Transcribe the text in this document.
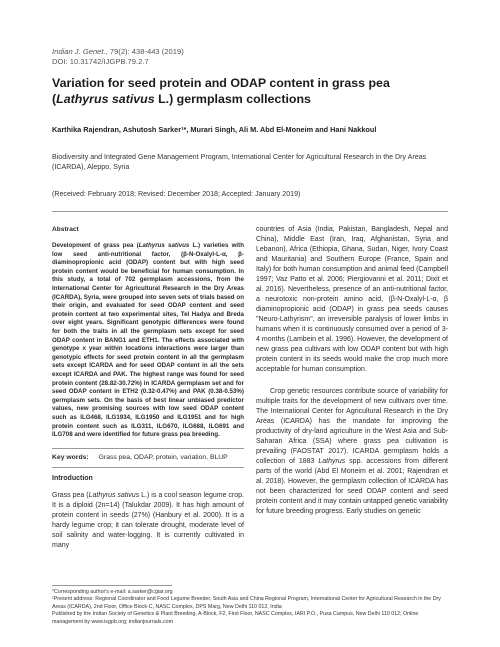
Indian J. Genet., 79(2): 438-443 (2019)
DOI: 10.31742/IJGPB.79.2.7
Variation for seed protein and ODAP content in grass pea (Lathyrus sativus L.) germplasm collections
Karthika Rajendran, Ashutosh Sarker¹*, Murari Singh, Ali M. Abd El-Moneim and Hani Nakkoul
Biodiversity and Integrated Gene Management Program, International Center for Agricultural Research in the Dry Areas (ICARDA), Aleppo, Syria
(Received: February 2018; Revised: December 2018; Accepted: January 2019)

Abstract

Development of grass pea (Lathyrus sativus L.) varieties with low seed anti-nutritional factor, (β-N-Oxalyl-L-α, β-diaminopropionic acid (ODAP) content but with high seed protein content would be beneficial for human consumption. In this study, a total of 702 germplasm accessions, from the International Center for Agricultural Research in the Dry Areas (ICARDA), Syria, were grouped into seven sets of trials based on their origin, and evaluated for seed ODAP content and seed protein content at two experimental sites, Tel Hadya and Breda over eight years. Significant genotypic differences were found for both the traits in all the germplasm sets except for seed ODAP content in BANG1 and ETH1. The effects associated with genotype x year within locations interactions were larger than genotypic effects for seed protein content in all the germplasm sets except ICARDA and for seed ODAP content in all the sets except ICARDA and PAK. The highest range was found for seed protein content (28.82-30.72%) in ICARDA germplasm set and for seed ODAP content in ETH2 (0.32-0.47%) and PAK (0.38-0.53%) germplasm sets. On the basis of best linear unbiased predictor values, new promising sources with low seed ODAP content such as ILG468, ILG1934, ILG1950 and ILG1951 and for high protein content such as ILG311, ILG670, ILG688, ILG691 and ILG708 and were identified for future grass pea breeding.

Key words: Grass pea, ODAP, protein, variation, BLUP

Introduction

countries of Asia (India, Pakistan, Bangladesh, Nepal and China), Middle East (Iran, Iraq, Afghanistan, Syria and Lebanon), Africa (Ethiopia, Ghana, Sudan, Niger, Ivory Coast and Mauritania) and Southern Europe (France, Spain and Italy) for both human consumption and animal feed (Campbell 1997; Vaz Patto et al. 2006; Piergiovanni et al. 2011; Dixit et al. 2016). Nevertheless, presence of an anti-nutritional factor, a neurotoxic non-protein amino acid, (β-N-Oxalyl-L-α, β diaminopropionic acid (ODAP) in grass pea seeds causes "Neuro-Lathyrism", an irreversible paralysis of lower limbs in humans when it is continuously consumed over a period of 3-4 months (Lambein et al. 1996). However, the development of new grass pea cultivars with low ODAP content but with high protein content in its seeds would make the crop much more acceptable for human consumption.

Crop genetic resources contribute source of variability for multiple traits for the development of new cultivars over time. The International Center for Agricultural Research in the Dry Areas (ICARDA) has the mandate for improving the productivity of dry-land agriculture in the West Asia and Sub-Saharan Africa (SSA) where grass pea cultivation is prevailing (FAOSTAT 2017). ICARDA germplasm holds a collection of 1883 Lathyrus spp. accessions from different parts of the world (Abd El Moneim et al. 2001; Rajendran et al. 2018). However, the germplasm collection of ICARDA has not been characterized for seed ODAP content and seed protein content and it may contain untapped genetic variability for future breeding progress. Early studies on genetic

*Corresponding author's e-mail: a.sarker@cgiar.org

¹Present address: Regional Coordinator and Food Legume Breeder, South Asia and China Regional Program, International Center for Agricultural Research in the Dry Areas (ICARDA), 2nd Floor, Office Block-C, NASC Complex, DPS Marg, New Delhi 110 012, India

Published by the Indian Society of Genetics & Plant Breeding, A-Block, F2, First Floor, NASC Complex, IARI P.O., Pusa Campus, New Delhi 110 012; Online management by www.isgpb.org; indianjournals.com

Grass pea (Lathyrus sativus L.) is a cool season legume crop. It is a diploid (2n=14) (Talukdar 2009). It has high amount of protein content in seeds (27%) (Hanbury et al. 2000). It is a hardy legume crop; it can tolerate drought, moderate level of soil salinity and water-logging. It is currently cultivated in many
